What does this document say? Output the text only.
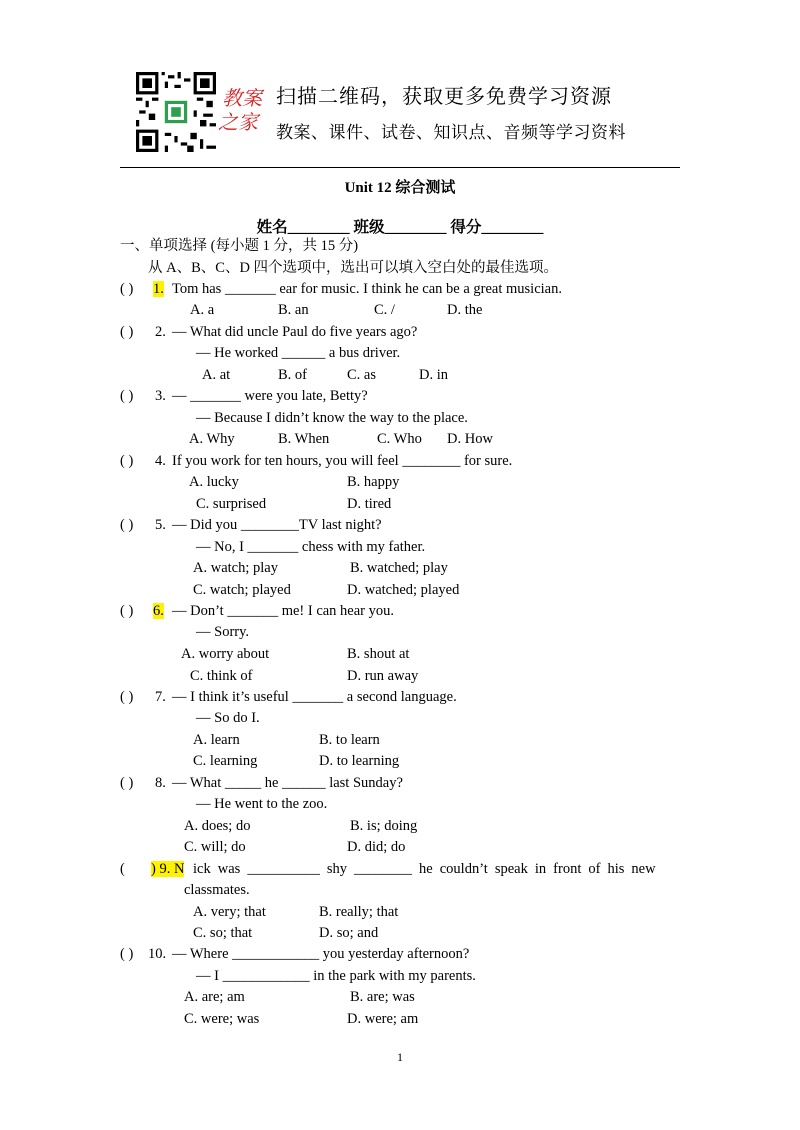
教案
之家
扫描二维码，获取更多免费学习资源
教案、课件、试卷、知识点、音频等学习资料
Unit 12 综合测试
姓名________ 班级________ 得分________
一、单项选择 (每小题 1 分，共 15 分)
从 A、B、C、D 四个选项中，选出可以填入空白处的最佳选项。
( ) 1. Tom has _______ ear for music. I think he can be a great musician.
A. a	B. an	C. /	D. the
( ) 2. — What did uncle Paul do five years ago?
— He worked ______ a bus driver.
A. at	B. of	C. as	D. in
( ) 3. — _______ were you late, Betty?
— Because I didn’t know the way to the place.
A. Why	B. When	C. Who D. How
( ) 4. If you work for ten hours, you will feel ________ for sure.
A. lucky	B. happy
C. surprised	D. tired
( ) 5. — Did you ________TV last night?
— No, I _______ chess with my father.
A. watch; play	B. watched; play
C. watch; played	D. watched; played
( ) 6. — Don’t _______ me! I can hear you.
— Sorry.
A. worry about	B. shout at
C. think of	D. run away
( ) 7. — I think it’s useful _______ a second language.
— So do I.
A. learn	B. to learn
C. learning	D. to learning
( ) 8. — What _____ he ______ last Sunday?
— He went to the zoo.
A. does; do	B. is; doing
C. will; do	D. did; do
( ) 9. N ick was __________ shy ________ he couldn’t speak in front of his new
classmates.
A. very; that	B. really; that
C. so; that	D. so; and
( ) 10. — Where ____________ you yesterday afternoon?
— I ____________ in the park with my parents.
A. are; am	B. are; was
C. were; was	D. were; am
1
